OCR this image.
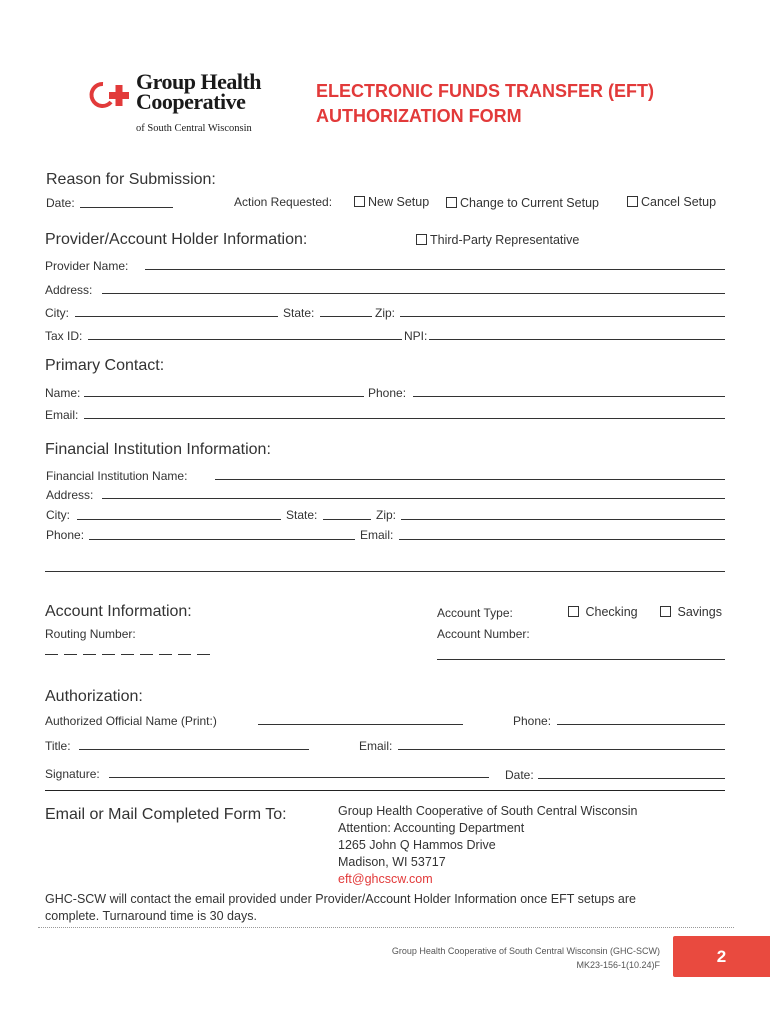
Group Health
Cooperative
of South Central Wisconsin
ELECTRONIC FUNDS TRANSFER (EFT)
AUTHORIZATION FORM
Reason for Submission:
Date:	Action Requested:	New Setup	Change to Current Setup	Cancel Setup
Provider/Account Holder Information:	Third-Party Representative
Provider Name:
Address:
City:	State:	Zip:
Tax ID:	NPI:
Primary Contact:
Name:	Phone:
Email:
Financial Institution Information:
Financial Institution Name:
Address:
City:	State:	Zip:
Phone:	Email:
Account Information:	Account Type:	Checking	Savings
Routing Number:	Account Number:
Authorization:
Authorized Official Name (Print:)	Phone:
Title:	Email:
Signature:	Date:
Email or Mail Completed Form To:	Group Health Cooperative of South Central Wisconsin
Attention: Accounting Department
1265 John Q Hammos Drive
Madison, WI 53717
eft@ghcscw.com
GHC-SCW will contact the email provided under Provider/Account Holder Information once EFT setups are complete. Turnaround time is 30 days.
Group Health Cooperative of South Central Wisconsin (GHC-SCW)
MK23-156-1(10.24)F	2
